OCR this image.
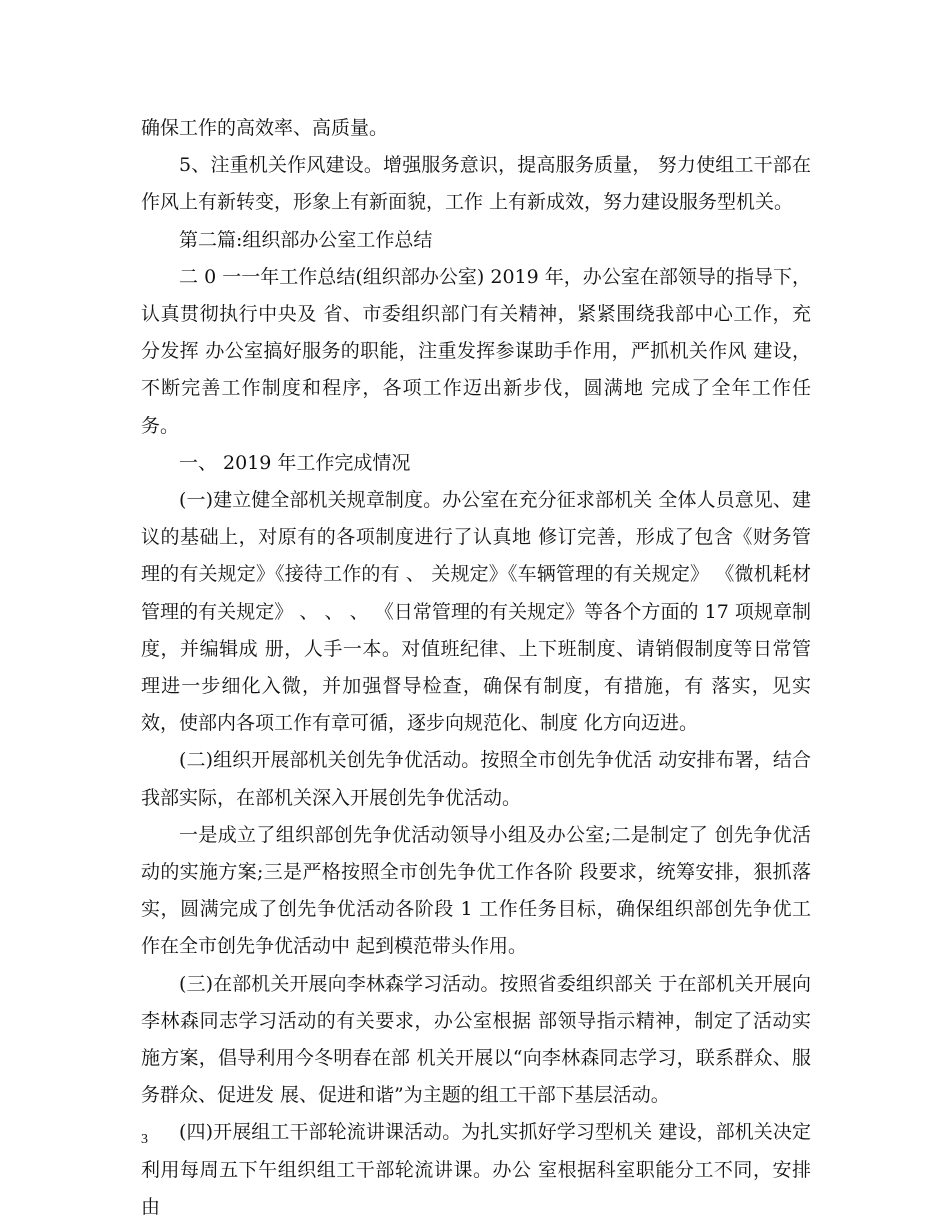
确保工作的高效率、高质量。

5、注重机关作风建设。增强服务意识，提高服务质量， 努力使组工干部在作风上有新转变，形象上有新面貌，工作 上有新成效，努力建设服务型机关。

第二篇:组织部办公室工作总结

二 0 一一年工作总结(组织部办公室) 2019 年，办公室在部领导的指导下，认真贯彻执行中央及 省、市委组织部门有关精神，紧紧围绕我部中心工作，充分发挥 办公室搞好服务的职能，注重发挥参谋助手作用，严抓机关作风 建设，不断完善工作制度和程序，各项工作迈出新步伐，圆满地 完成了全年工作任务。

一、 2019 年工作完成情况

(一)建立健全部机关规章制度。办公室在充分征求部机关 全体人员意见、建议的基础上，对原有的各项制度进行了认真地 修订完善，形成了包含《财务管理的有关规定》《接待工作的有 、 关规定》《车辆管理的有关规定》 《微机耗材管理的有关规定》 、 、 、 《日常管理的有关规定》等各个方面的 17 项规章制度，并编辑成 册，人手一本。对值班纪律、上下班制度、请销假制度等日常管 理进一步细化入微，并加强督导检查，确保有制度，有措施，有 落实，见实效，使部内各项工作有章可循，逐步向规范化、制度 化方向迈进。

(二)组织开展部机关创先争优活动。按照全市创先争优活 动安排布署，结合我部实际，在部机关深入开展创先争优活动。

一是成立了组织部创先争优活动领导小组及办公室;二是制定了 创先争优活动的实施方案;三是严格按照全市创先争优工作各阶 段要求，统筹安排，狠抓落实，圆满完成了创先争优活动各阶段 1 工作任务目标，确保组织部创先争优工作在全市创先争优活动中 起到模范带头作用。

(三)在部机关开展向李林森学习活动。按照省委组织部关 于在部机关开展向李林森同志学习活动的有关要求，办公室根据 部领导指示精神，制定了活动实施方案，倡导利用今冬明春在部 机关开展以“向李林森同志学习，联系群众、服务群众、促进发 展、促进和谐”为主题的组工干部下基层活动。

(四)开展组工干部轮流讲课活动。为扎实抓好学习型机关 建设，部机关决定利用每周五下午组织组工干部轮流讲课。办公 室根据科室职能分工不同，安排由

3
